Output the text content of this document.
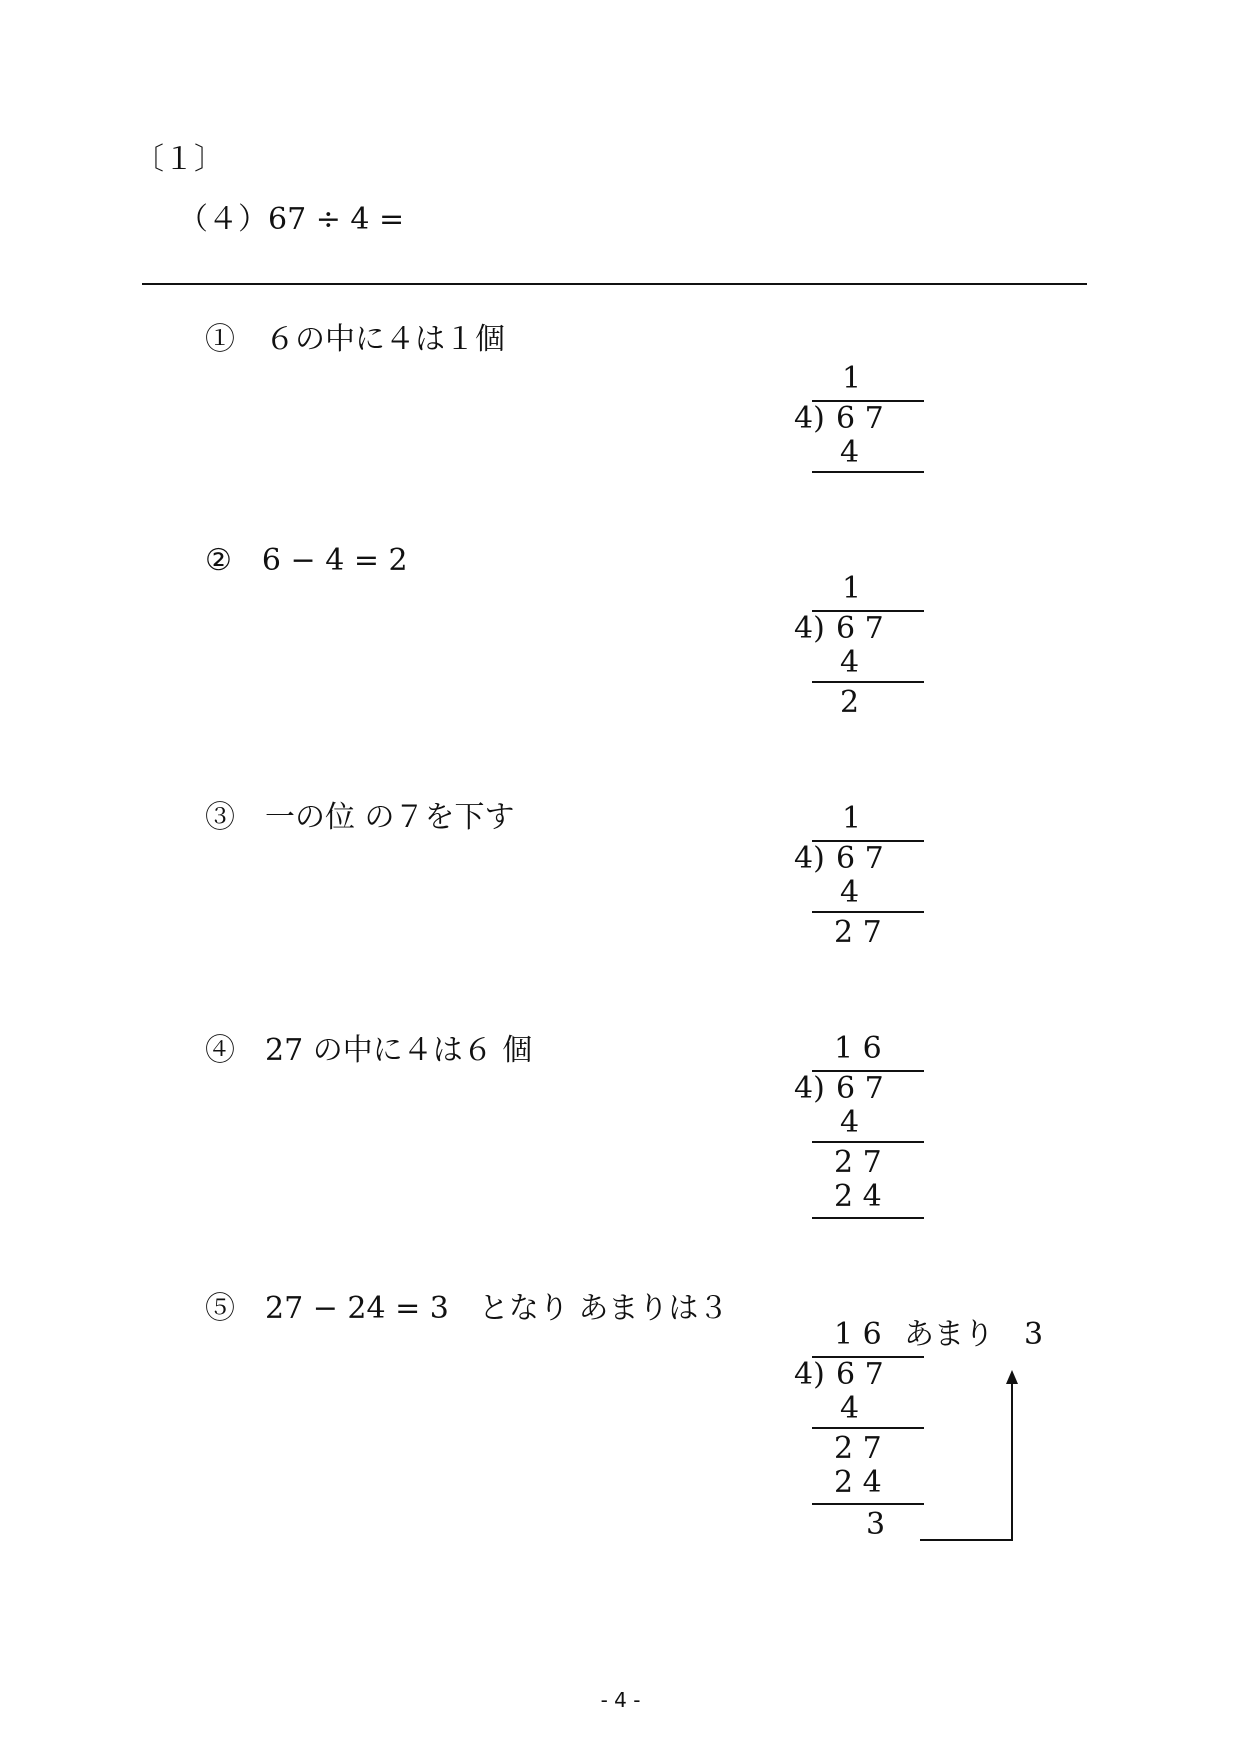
〔１〕
（４）67 ÷ 4 =
①　６の中に４は１個
1
4) 6 7
4
②　6 − 4 = 2
1
4) 6 7
4
2
③　一の位 の７を下す	1
4) 6 7
4
2 7
④　27 の中に４は６ 個	1 6
4) 6 7
4
2 7
2 4
⑤　27 − 24 = 3　となり あまりは３
1 6 あまり　3
4) 6 7
4
2 7
2 4
3
- 4 -
